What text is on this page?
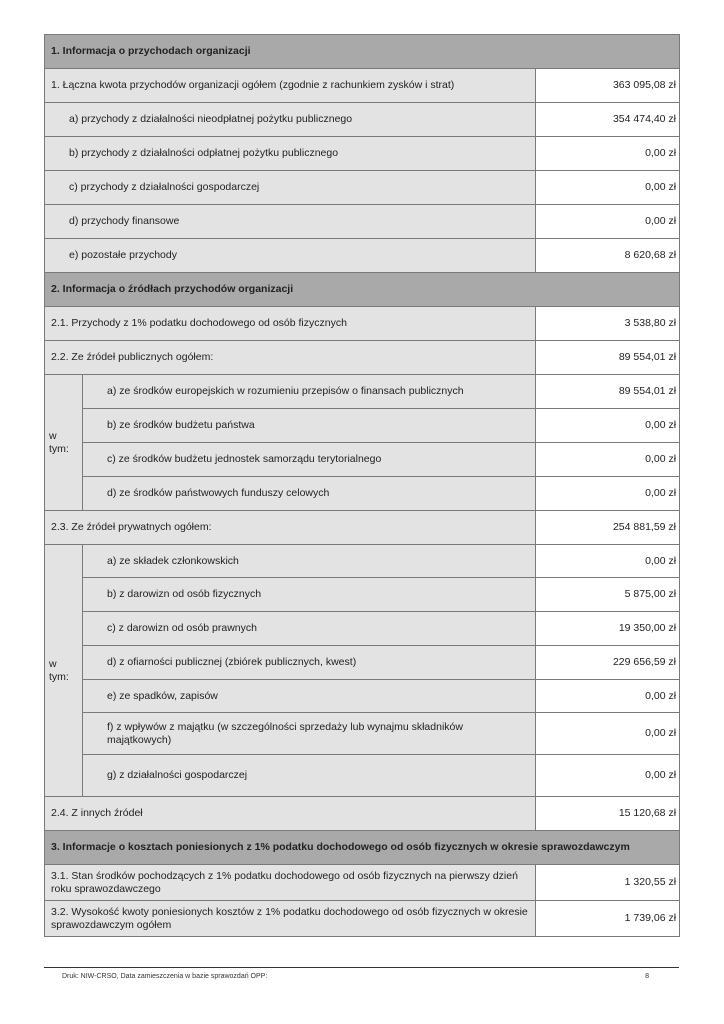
1. Informacja o przychodach organizacji		
1. Łączna kwota przychodów organizacji ogółem (zgodnie z rachunkiem zysków i strat)		363 095,08 zł
a) przychody z działalności nieodpłatnej pożytku publicznego		354 474,40 zł
b) przychody z działalności odpłatnej pożytku publicznego		0,00 zł
c) przychody z działalności gospodarczej		0,00 zł
d) przychody finansowe		0,00 zł
e) pozostałe przychody		8 620,68 zł
2. Informacja o źródłach przychodów organizacji		
2.1. Przychody z 1% podatku dochodowego od osób fizycznych		3 538,80 zł
2.2. Ze źródeł publicznych ogółem:		89 554,01 zł
w
tym:	a) ze środków europejskich w rozumieniu przepisów o finansach publicznych	89 554,01 zł
	b) ze środków budżetu państwa	0,00 zł
	c) ze środków budżetu jednostek samorządu terytorialnego	0,00 zł
	d) ze środków państwowych funduszy celowych	0,00 zł
2.3. Ze źródeł prywatnych ogółem:		254 881,59 zł
w
tym:	a) ze składek członkowskich	0,00 zł
	b) z darowizn od osób fizycznych	5 875,00 zł
	c) z darowizn od osób prawnych	19 350,00 zł
	d) z ofiarności publicznej (zbiórek publicznych, kwest)	229 656,59 zł
	e) ze spadków, zapisów	0,00 zł
	f) z wpływów z majątku (w szczególności sprzedaży lub wynajmu składników majątkowych)	0,00 zł
	g) z działalności gospodarczej	0,00 zł
2.4. Z innych źródeł		15 120,68 zł
3. Informacje o kosztach poniesionych z 1% podatku dochodowego od osób fizycznych w okresie sprawozdawczym		
3.1. Stan środków pochodzących z 1% podatku dochodowego od osób fizycznych na pierwszy dzień roku sprawozdawczego		1 320,55 zł
3.2. Wysokość kwoty poniesionych kosztów z 1% podatku dochodowego od osób fizycznych w okresie sprawozdawczym ogółem		1 739,06 zł
Druk: NIW-CRSO, Data zamieszczenia w bazie sprawozdań OPP:	8
